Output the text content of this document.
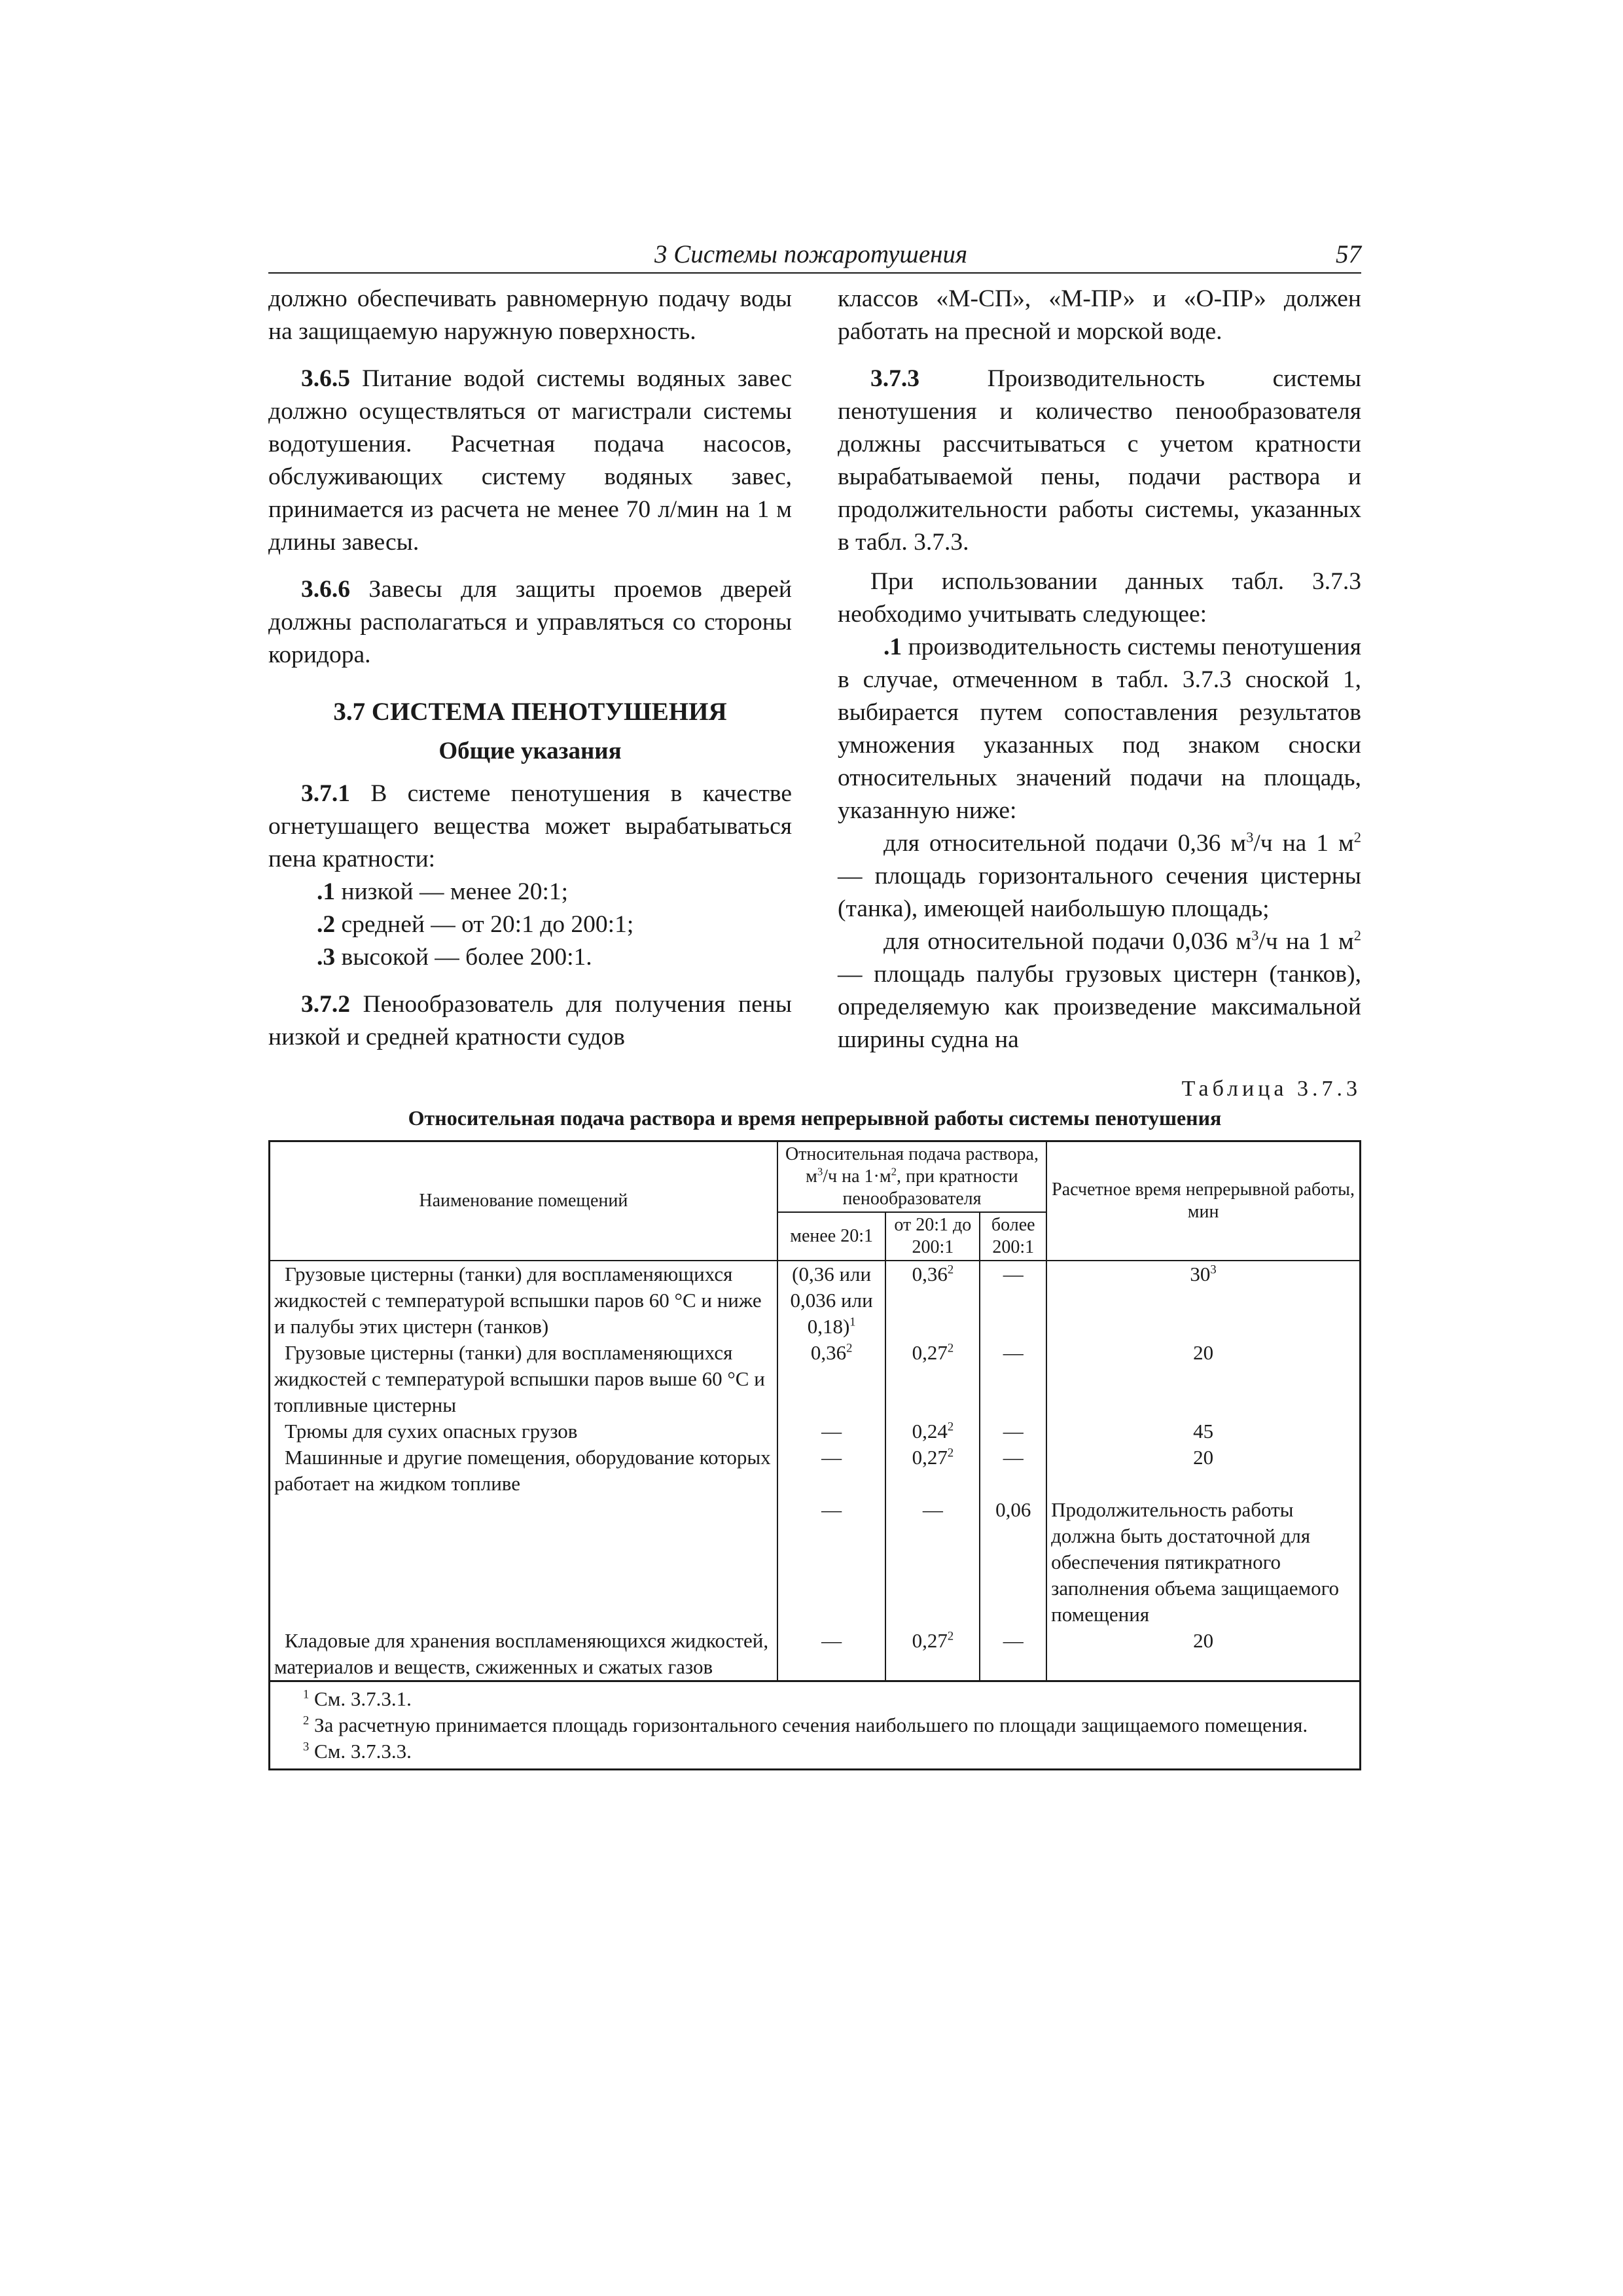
3 Системы пожаротушения	57

должно обеспечивать равномерную подачу воды на защищаемую наружную поверхность.

3.6.5 Питание водой системы водяных завес должно осуществляться от магистрали системы водотушения. Расчетная подача насосов, обслуживающих систему водяных завес, принимается из расчета не менее 70 л/мин на 1 м длины завесы.

3.6.6 Завесы для защиты проемов дверей должны располагаться и управляться со стороны коридора.

3.7 СИСТЕМА ПЕНОТУШЕНИЯ
Общие указания

3.7.1 В системе пенотушения в качестве огнетушащего вещества может вырабатываться пена кратности:

.1 низкой — менее 20:1;

.2 средней — от 20:1 до 200:1;

.3 высокой — более 200:1.

3.7.2 Пенообразователь для получения пены низкой и средней кратности судов

классов «М-СП», «М-ПР» и «О-ПР» должен работать на пресной и морской воде.

3.7.3	Производительность системы пенотушения и количество пенообразователя должны рассчитываться с учетом кратности вырабатываемой пены, подачи раствора и продолжительности работы системы, указанных в табл. 3.7.3.

При использовании данных табл. 3.7.3 необходимо учитывать следующее:

.1 производительность системы пенотушения в случае, отмеченном в табл. 3.7.3 сноской 1, выбирается путем сопоставления результатов умножения указанных под знаком сноски относительных значений подачи на площадь, указанную ниже:

для относительной подачи 0,36 $м^3/ч$ на 1 $м^2$ — площадь горизонтального сечения цистерны (танка), имеющей наибольшую площадь;

для относительной подачи 0,036 $м^3/ч$ на 1 $м^2$ — площадь палубы грузовых цистерн (танков), определяемую как произведение максимальной ширины судна на

Таблица 3.7.3
Относительная подача раствора и время непрерывной работы системы пенотушения
Наименование помещений	Относительная подача раствора, $м^3/ч$ на $1\cdot м^2$, при кратности пенообразователя			Расчетное время непрерывной работы, мин
	менее 20:1	от 20:1 до 200:1	более 200:1	
Грузовые цистерны (танки) для воспламеняющихся жидкостей с температурой вспышки паров 60 °С и ниже и палубы этих цистерн (танков)	(0,36 или 0,036 или 0,18)$^1$	0,36$^2$	—	$30^3$
Грузовые цистерны (танки) для воспламеняющихся жидкостей с температурой вспышки паров выше 60 °С и топливные цистерны	0,36$^2$	0,27$^2$	—	20
Трюмы для сухих опасных грузов	—	0,24$^2$	—	45
Машинные и другие помещения, оборудование которых работает на жидком топливе	—	0,27$^2$	—	20
	—	—	0,06	Продолжительность работы должна быть достаточной для обеспечения пятикратного заполнения объема защищаемого помещения
Кладовые для хранения воспламеняющихся жидкостей, материалов и веществ, сжиженных и сжатых газов	—	0,27$^2$	—	20

$^1$ См. 3.7.3.1.
$^2$ За расчетную принимается площадь горизонтального сечения наибольшего по площади защищаемого помещения.
$^3$ См. 3.7.3.3.				
